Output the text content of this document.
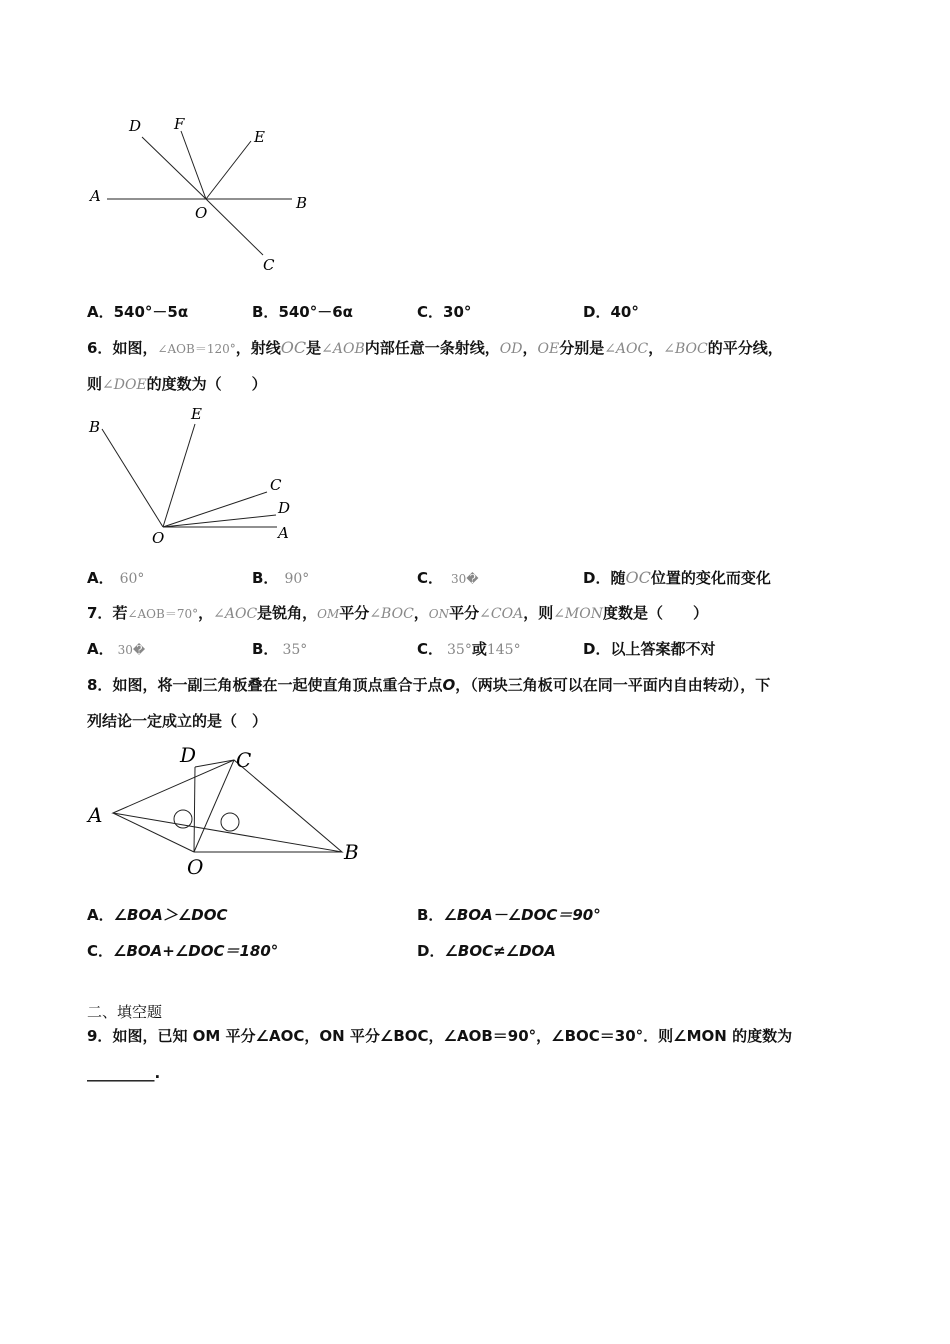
A	B
C
D
E
F
O
A．540°－5α	B．540°－6α	C．30°	D．40°
6．如图，∠AOB＝120°，射线OC是∠AOB内部任意一条射线，OD，OE分别是∠AOC，∠BOC的平分线，
则∠DOE的度数为（　　）
B
E
C
D
A
O
A． 60°	B． 90°	C． 30�	D．随OC位置的变化而变化
7．若∠AOB＝70°，∠AOC是锐角，OM平分∠BOC，ON平分∠COA，则∠MON度数是（　　）
A． 30�	B． 35°	C． 35°或145°	D．以上答案都不对
8．如图，将一副三角板叠在一起使直角顶点重合于点O，（两块三角板可以在同一平面内自由转动），下
列结论一定成立的是（　）
A
B
C
D
O
A．∠BOA＞∠DOC	B．∠BOA－∠DOC＝90°
C．∠BOA+∠DOC＝180°	D．∠BOC≠∠DOA
二、填空题
9．如图，已知 OM 平分∠AOC，ON 平分∠BOC，∠AOB＝90°，∠BOC＝30°．则∠MON 的度数为
_________.
